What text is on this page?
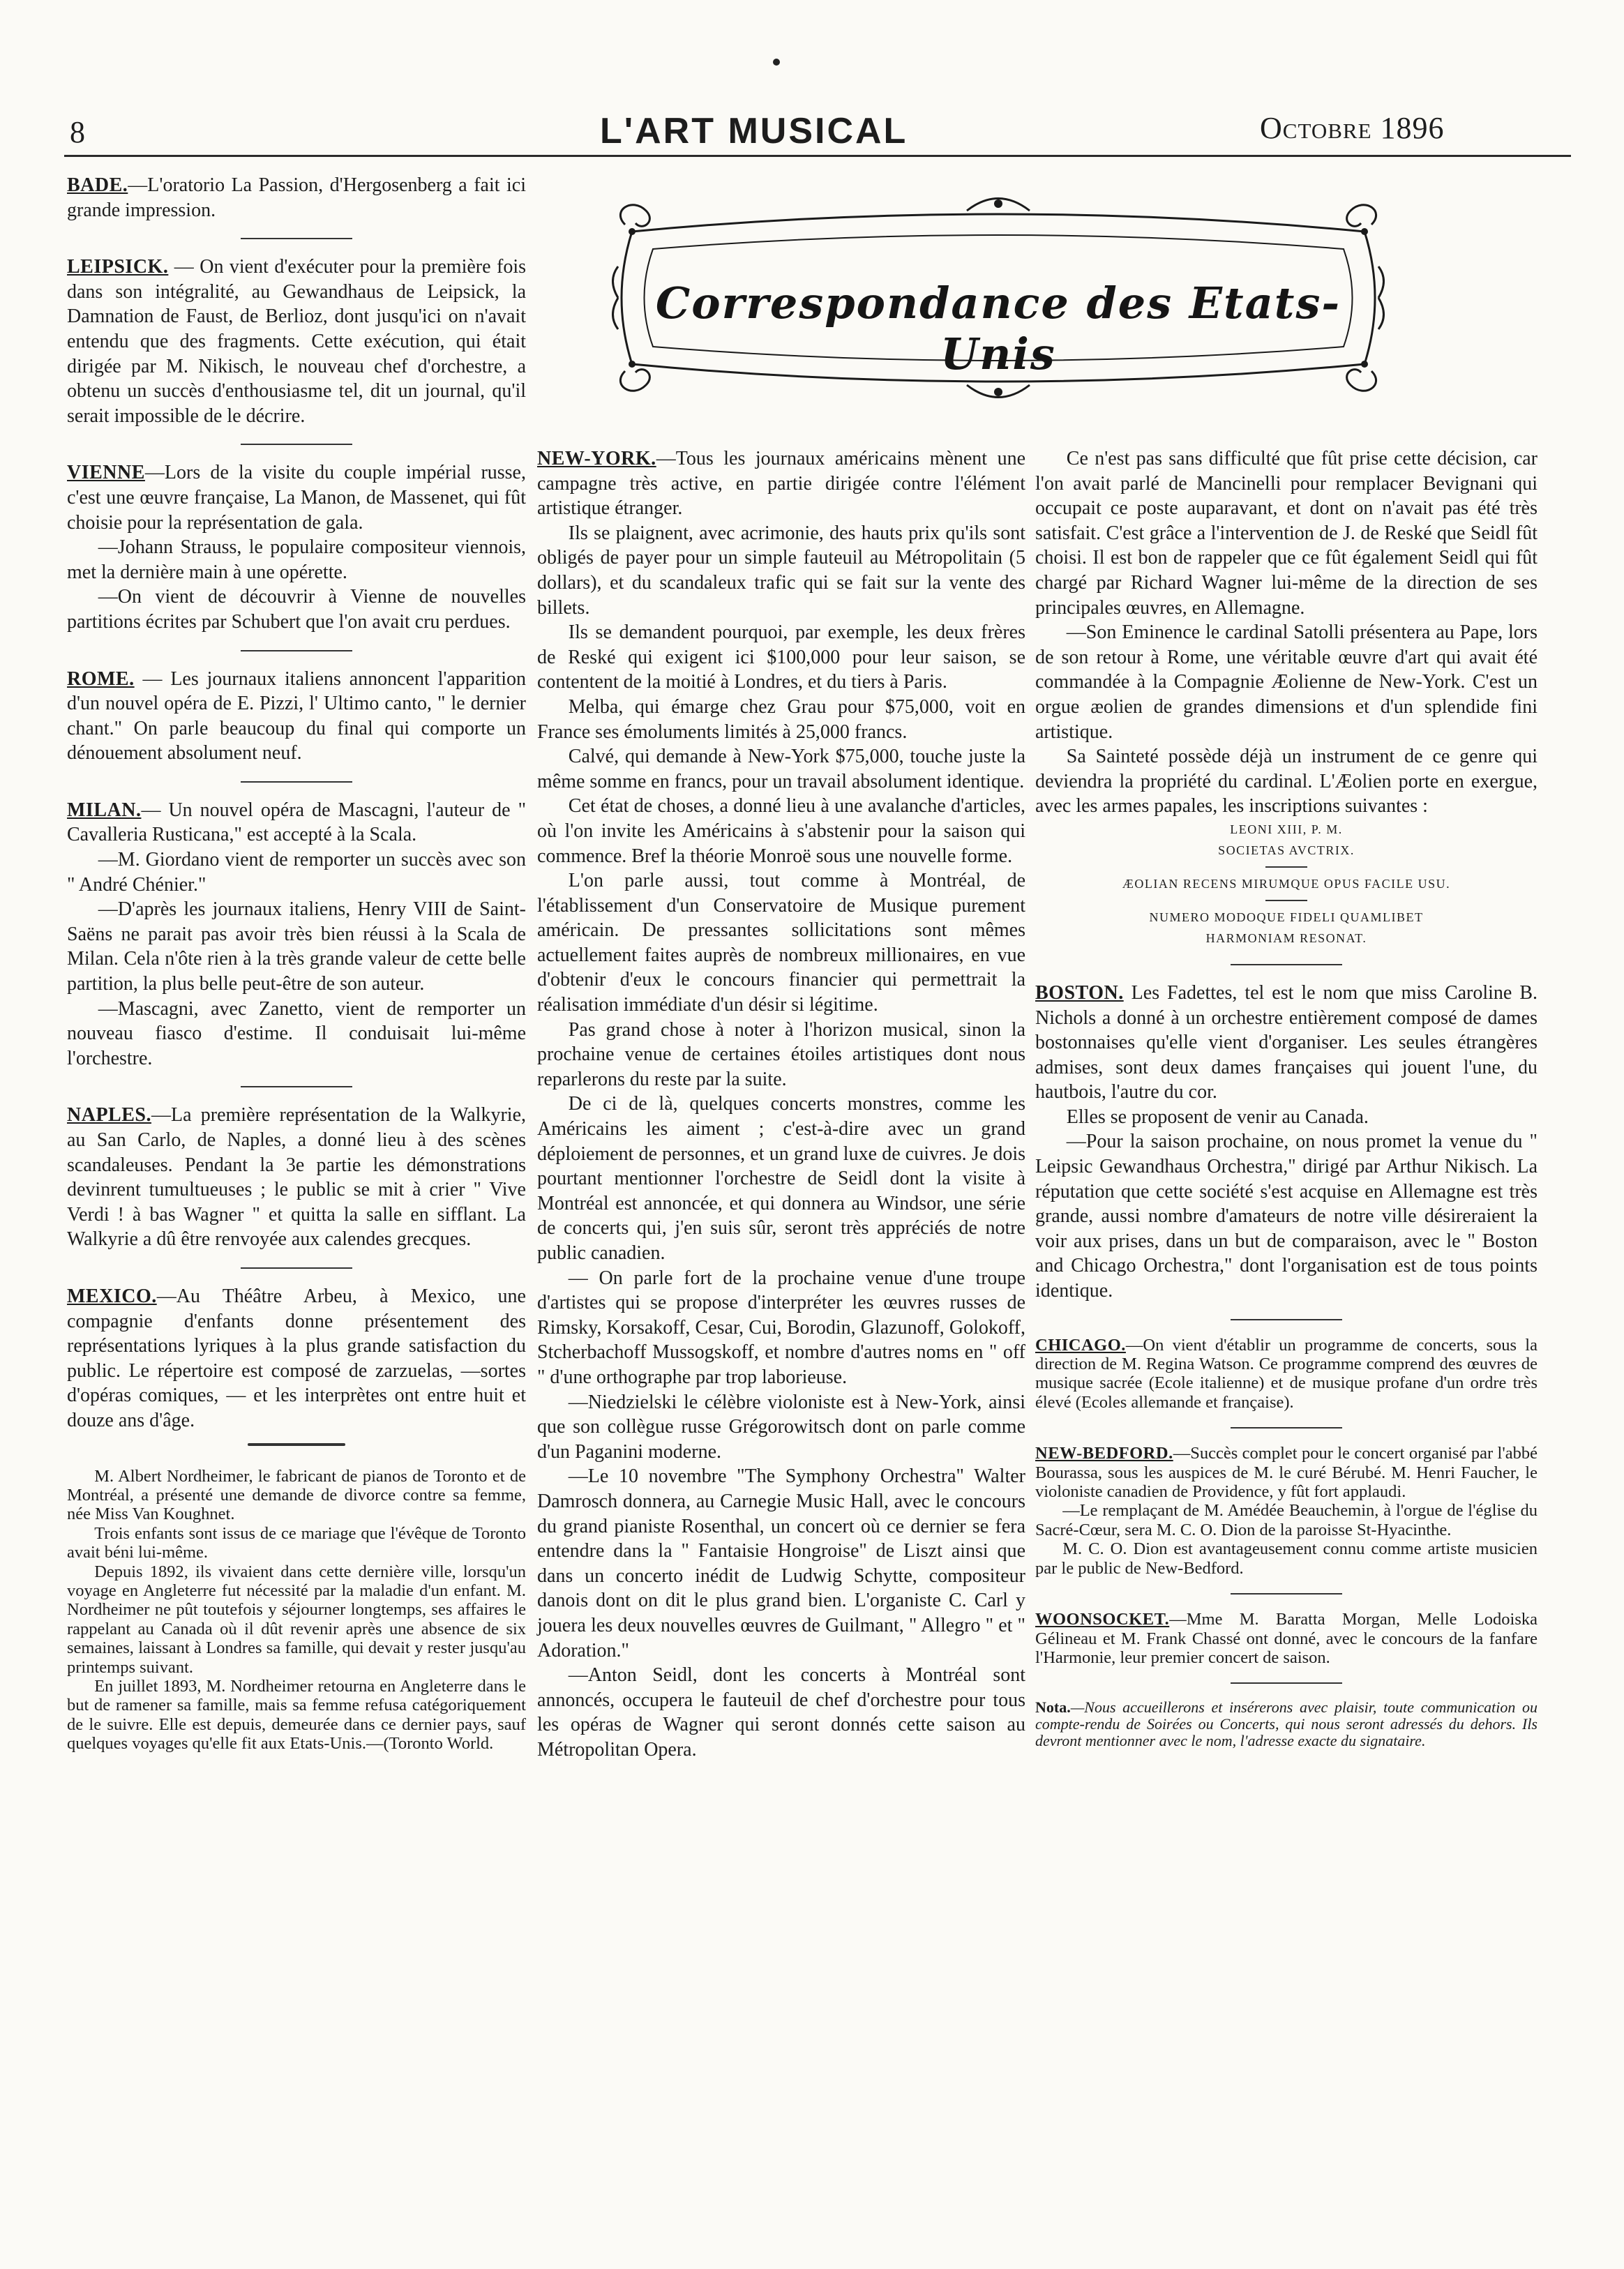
8	L'ART MUSICAL	Octobre 1896
Correspondance des Etats-Unis

BADE.—L'oratorio La Passion, d'Hergosenberg a fait ici grande impression.

LEIPSICK. — On vient d'exécuter pour la première fois dans son intégralité, au Gewandhaus de Leipsick, la Damnation de Faust, de Berlioz, dont jusqu'ici on n'avait entendu que des fragments. Cette exécution, qui était dirigée par M. Nikisch, le nouveau chef d'orchestre, a obtenu un succès d'enthousiasme tel, dit un journal, qu'il serait impossible de le décrire.

VIENNE—Lors de la visite du couple impérial russe, c'est une œuvre française, La Manon, de Massenet, qui fût choisie pour la représentation de gala.

—Johann Strauss, le populaire compositeur viennois, met la dernière main à une opérette.

—On vient de découvrir à Vienne de nouvelles partitions écrites par Schubert que l'on avait cru perdues.

ROME. — Les journaux italiens annoncent l'apparition d'un nouvel opéra de E. Pizzi, l' Ultimo canto, " le dernier chant." On parle beaucoup du final qui comporte un dénouement absolument neuf.

MILAN.— Un nouvel opéra de Mascagni, l'auteur de " Cavalleria Rusticana," est accepté à la Scala.

—M. Giordano vient de remporter un succès avec son " André Chénier."

—D'après les journaux italiens, Henry VIII de Saint-Saëns ne parait pas avoir très bien réussi à la Scala de Milan. Cela n'ôte rien à la très grande valeur de cette belle partition, la plus belle peut-être de son auteur.

—Mascagni, avec Zanetto, vient de remporter un nouveau fiasco d'estime. Il conduisait lui-même l'orchestre.

NAPLES.—La première représentation de la Walkyrie, au San Carlo, de Naples, a donné lieu à des scènes scandaleuses. Pendant la 3e partie les démonstrations devinrent tumultueuses ; le public se mit à crier " Vive Verdi ! à bas Wagner " et quitta la salle en sifflant. La Walkyrie a dû être renvoyée aux calendes grecques.

MEXICO.—Au Théâtre Arbeu, à Mexico, une compagnie d'enfants donne présentement des représentations lyriques à la plus grande satisfaction du public. Le répertoire est composé de zarzuelas, —sortes d'opéras comiques, — et les interprètes ont entre huit et douze ans d'âge.

M. Albert Nordheimer, le fabricant de pianos de Toronto et de Montréal, a présenté une demande de divorce contre sa femme, née Miss Van Koughnet.

Trois enfants sont issus de ce mariage que l'évêque de Toronto avait béni lui-même.

Depuis 1892, ils vivaient dans cette dernière ville, lorsqu'un voyage en Angleterre fut nécessité par la maladie d'un enfant. M. Nordheimer ne pût toutefois y séjourner longtemps, ses affaires le rappelant au Canada où il dût revenir après une absence de six semaines, laissant à Londres sa famille, qui devait y rester jusqu'au printemps suivant.

En juillet 1893, M. Nordheimer retourna en Angleterre dans le but de ramener sa famille, mais sa femme refusa catégoriquement de le suivre. Elle est depuis, demeurée dans ce dernier pays, sauf quelques voyages qu'elle fit aux Etats-Unis.—(Toronto World.

NEW-YORK.—Tous les journaux américains mènent une campagne très active, en partie dirigée contre l'élément artistique étranger.

Ils se plaignent, avec acrimonie, des hauts prix qu'ils sont obligés de payer pour un simple fauteuil au Métropolitain (5 dollars), et du scandaleux trafic qui se fait sur la vente des billets.

Ils se demandent pourquoi, par exemple, les deux frères de Reské qui exigent ici $100,000 pour leur saison, se contentent de la moitié à Londres, et du tiers à Paris.

Melba, qui émarge chez Grau pour $75,000, voit en France ses émoluments limités à 25,000 francs.

Calvé, qui demande à New-York $75,000, touche juste la même somme en francs, pour un travail absolument identique.

Cet état de choses, a donné lieu à une avalanche d'articles, où l'on invite les Américains à s'abstenir pour la saison qui commence. Bref la théorie Monroë sous une nouvelle forme.

L'on parle aussi, tout comme à Montréal, de l'établissement d'un Conservatoire de Musique purement américain. De pressantes sollicitations sont mêmes actuellement faites auprès de nombreux millionaires, en vue d'obtenir d'eux le concours financier qui permettrait la réalisation immédiate d'un désir si légitime.

Pas grand chose à noter à l'horizon musical, sinon la prochaine venue de certaines étoiles artistiques dont nous reparlerons du reste par la suite.

De ci de là, quelques concerts monstres, comme les Américains les aiment ; c'est-à-dire avec un grand déploiement de personnes, et un grand luxe de cuivres. Je dois pourtant mentionner l'orchestre de Seidl dont la visite à Montréal est annoncée, et qui donnera au Windsor, une série de concerts qui, j'en suis sûr, seront très appréciés de notre public canadien.

— On parle fort de la prochaine venue d'une troupe d'artistes qui se propose d'interpréter les œuvres russes de Rimsky, Korsakoff, Cesar, Cui, Borodin, Glazunoff, Golokoff, Stcherbachoff Mussogskoff, et nombre d'autres noms en " off " d'une orthographe par trop laborieuse.

—Niedzielski le célèbre violoniste est à New-York, ainsi que son collègue russe Grégorowitsch dont on parle comme d'un Paganini moderne.

—Le 10 novembre "The Symphony Orchestra" Walter Damrosch donnera, au Carnegie Music Hall, avec le concours du grand pianiste Rosenthal, un concert où ce dernier se fera entendre dans la " Fantaisie Hongroise" de Liszt ainsi que dans un concerto inédit de Ludwig Schytte, compositeur danois dont on dit le plus grand bien. L'organiste C. Carl y jouera les deux nouvelles œuvres de Guilmant, " Allegro " et " Adoration."

—Anton Seidl, dont les concerts à Montréal sont annoncés, occupera le fauteuil de chef d'orchestre pour tous les opéras de Wagner qui seront donnés cette saison au Métropolitan Opera.

Ce n'est pas sans difficulté que fût prise cette décision, car l'on avait parlé de Mancinelli pour remplacer Bevignani qui occupait ce poste auparavant, et dont on n'avait pas été très satisfait. C'est grâce a l'intervention de J. de Reské que Seidl fût choisi. Il est bon de rappeler que ce fût également Seidl qui fût chargé par Richard Wagner lui-même de la direction de ses principales œuvres, en Allemagne.

—Son Eminence le cardinal Satolli présentera au Pape, lors de son retour à Rome, une véritable œuvre d'art qui avait été commandée à la Compagnie Æolienne de New-York. C'est un orgue æolien de grandes dimensions et d'un splendide fini artistique.

Sa Sainteté possède déjà un instrument de ce genre qui deviendra la propriété du cardinal. L'Æolien porte en exergue, avec les armes papales, les inscriptions suivantes :

LEONI XIII, P. M.

SOCIETAS AVCTRIX.

ÆOLIAN RECENS MIRUMQUE OPUS FACILE USU.

NUMERO MODOQUE FIDELI QUAMLIBET

HARMONIAM RESONAT.

BOSTON. Les Fadettes, tel est le nom que miss Caroline B. Nichols a donné à un orchestre entièrement composé de dames bostonnaises qu'elle vient d'organiser. Les seules étrangères admises, sont deux dames françaises qui jouent l'une, du hautbois, l'autre du cor.

Elles se proposent de venir au Canada.

—Pour la saison prochaine, on nous promet la venue du " Leipsic Gewandhaus Orchestra," dirigé par Arthur Nikisch. La réputation que cette société s'est acquise en Allemagne est très grande, aussi nombre d'amateurs de notre ville désireraient la voir aux prises, dans un but de comparaison, avec le " Boston and Chicago Orchestra," dont l'organisation est de tous points identique.

CHICAGO.—On vient d'établir un programme de concerts, sous la direction de M. Regina Watson. Ce programme comprend des œuvres de musique sacrée (Ecole italienne) et de musique profane d'un ordre très élevé (Ecoles allemande et française).

NEW-BEDFORD.—Succès complet pour le concert organisé par l'abbé Bourassa, sous les auspices de M. le curé Bérubé. M. Henri Faucher, le violoniste canadien de Providence, y fût fort applaudi.

—Le remplaçant de M. Amédée Beauchemin, à l'orgue de l'église du Sacré-Cœur, sera M. C. O. Dion de la paroisse St-Hyacinthe.

M. C. O. Dion est avantageusement connu comme artiste musicien par le public de New-Bedford.

WOONSOCKET.—Mme M. Baratta Morgan, Melle Lodoiska Gélineau et M. Frank Chassé ont donné, avec le concours de la fanfare l'Harmonie, leur premier concert de saison.

Nota.—Nous accueillerons et insérerons avec plaisir, toute communication ou compte-rendu de Soirées ou Concerts, qui nous seront adressés du dehors. Ils devront mentionner avec le nom, l'adresse exacte du signataire.
